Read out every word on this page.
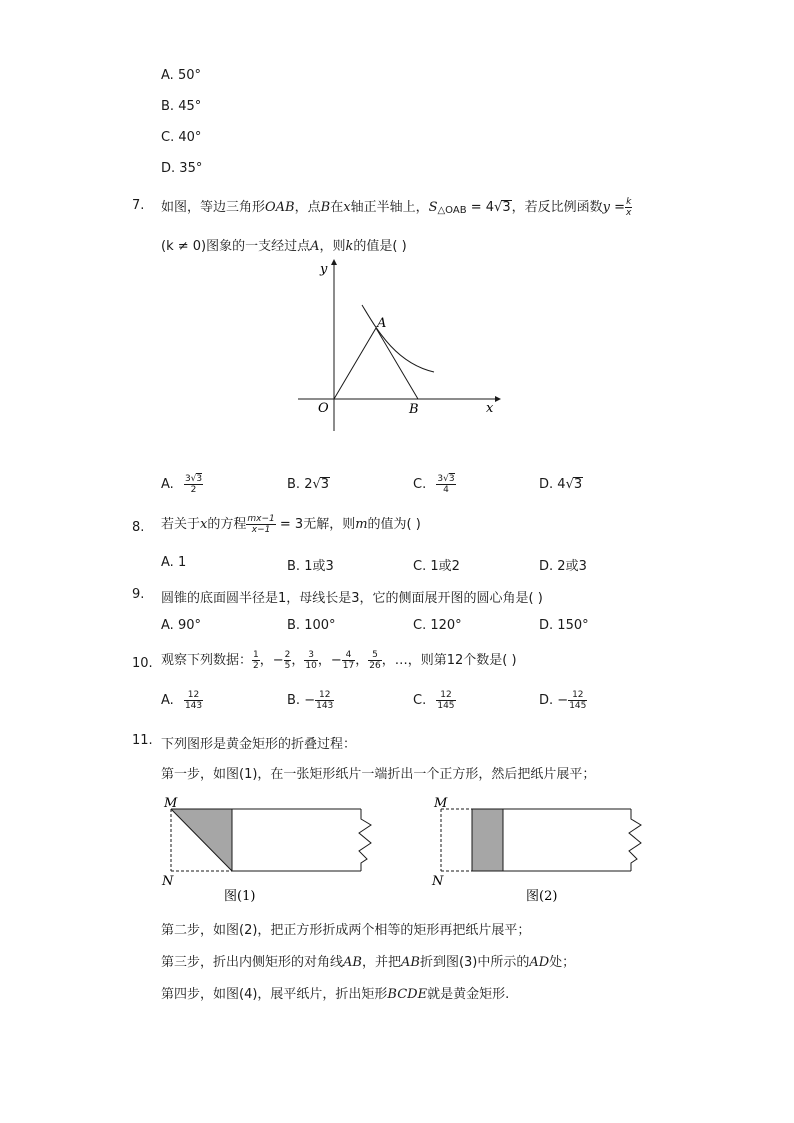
A. 50°
B. 45°
C. 40°
D. 35°
7. 如图，等边三角形OAB，点B在x轴正半轴上，S△OAB = 4√3，若反比例函数$y = \frac{k}{x}$
(k ≠ 0)图象的一支经过点A，则k的值是( )
y
x
O
A
B
A. $\frac{3√3}{2}$	B. 2√3	C. $\frac{3√3}{4}$	D. 4√3
8. 若关于x的方程 $\frac{mx-1}{x-1} = 3$无解，则m的值为( )
A. 1	B. 1或3	C. 1或2	D. 2或3
9. 圆锥的底面圆半径是1，母线长是3，它的侧面展开图的圆心角是( )
A. 90°	B. 100°	C. 120°	D. 150°
10. 观察下列数据： $\frac{1}{2}$ ，− $\frac{2}{5}$ ， $\frac{3}{10}$ ，− $\frac{4}{17}$ ， $\frac{5}{26}$ ，…，则第12个数是( )
A. $\frac{12}{143}$	B. − $\frac{12}{143}$	C. $\frac{12}{145}$	D. − $\frac{12}{145}$
11. 下列图形是黄金矩形的折叠过程：
第一步，如图(1)，在一张矩形纸片一端折出一个正方形，然后把纸片展平；
M
N
图(1)
M
N
图(2)
第二步，如图(2)，把正方形折成两个相等的矩形再把纸片展平；
第三步，折出内侧矩形的对角线AB，并把AB折到图(3)中所示的AD处；
第四步，如图(4)，展平纸片，折出矩形BCDE就是黄金矩形.
